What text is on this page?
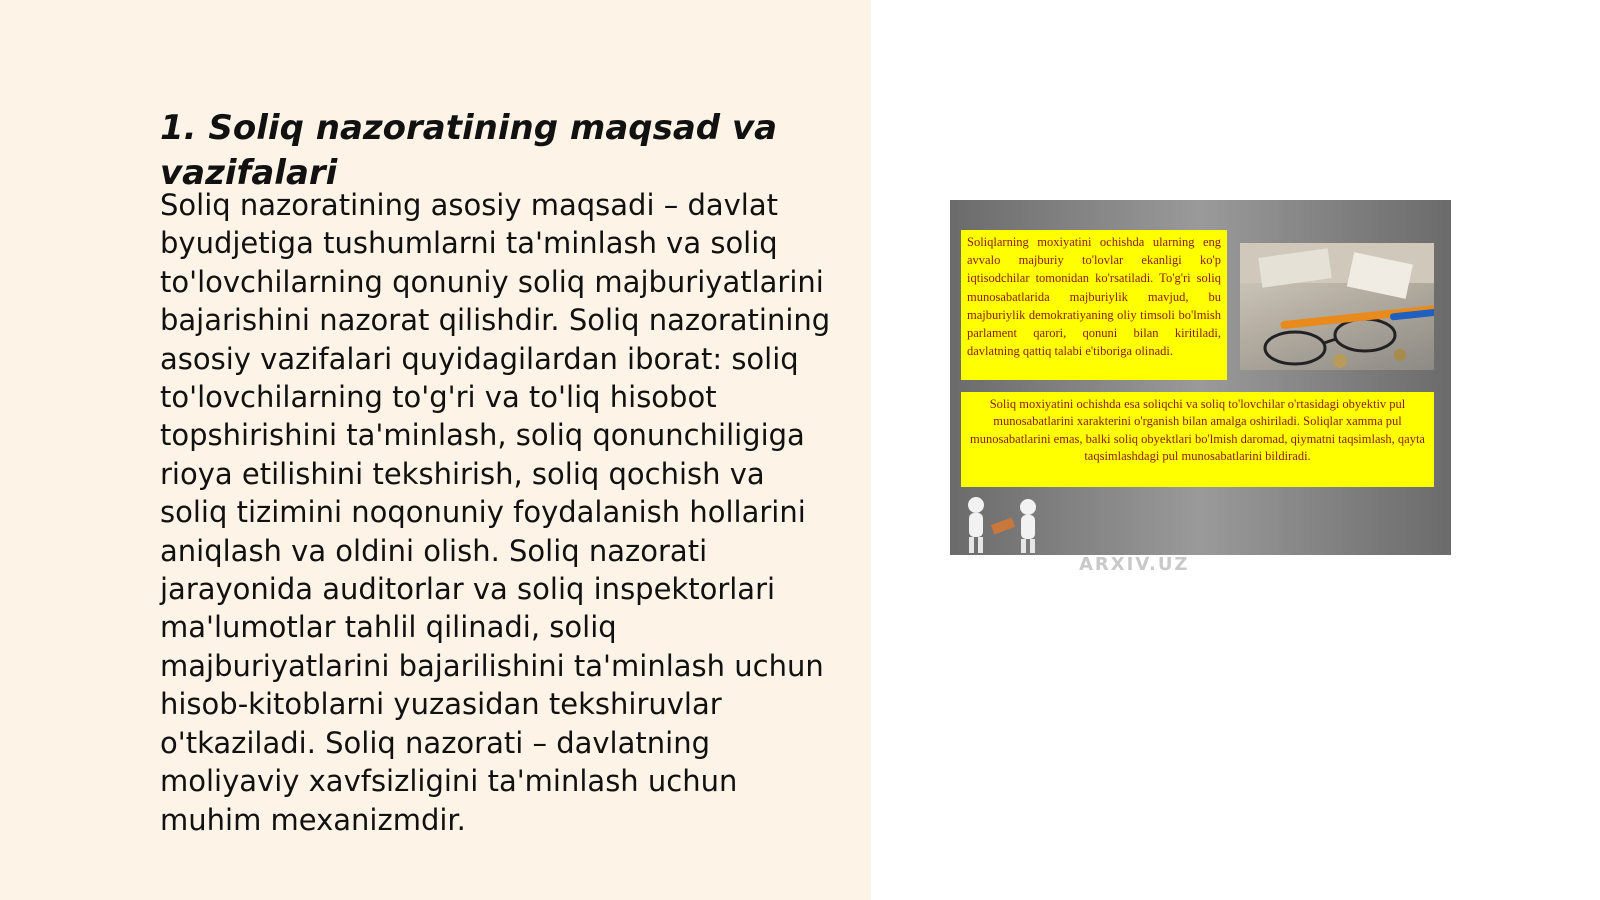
1. Soliq nazoratining maqsad va vazifalari

Soliq nazoratining asosiy maqsadi – davlat byudjetiga tushumlarni ta'minlash va soliq to'lovchilarning qonuniy soliq majburiyatlarini bajarishini nazorat qilishdir. Soliq nazoratining asosiy vazifalari quyidagilardan iborat: soliq to'lovchilarning to'g'ri va to'liq hisobot topshirishini ta'minlash, soliq qonunchiligiga rioya etilishini tekshirish, soliq qochish va soliq tizimini noqonuniy foydalanish hollarini aniqlash va oldini olish. Soliq nazorati jarayonida auditorlar va soliq inspektorlari ma'lumotlar tahlil qilinadi, soliq majburiyatlarini bajarilishini ta'minlash uchun hisob-kitoblarni yuzasidan tekshiruvlar o'tkaziladi. Soliq nazorati – davlatning moliyaviy xavfsizligini ta'minlash uchun muhim mexanizmdir.

Soliqlarning moxiyatini ochishda ularning eng avvalo majburiy to'lovlar ekanligi ko'p iqtisodchilar tomonidan ko'rsatiladi. To'g'ri soliq munosabatlarida majburiylik mavjud, bu majburiylik demokratiyaning oliy timsoli bo'lmish parlament qarori, qonuni bilan kiritiladi, davlatning qattiq talabi e'tiboriga olinadi.
Soliq moxiyatini ochishda esa soliqchi va soliq to'lovchilar o'rtasidagi obyektiv pul munosabatlarini xarakterini o'rganish bilan amalga oshiriladi. Soliqlar xamma pul munosabatlarini emas, balki soliq obyektlari bo'lmish daromad, qiymatni taqsimlash, qayta taqsimlashdagi pul munosabatlarini bildiradi.
ARXIV.UZ
